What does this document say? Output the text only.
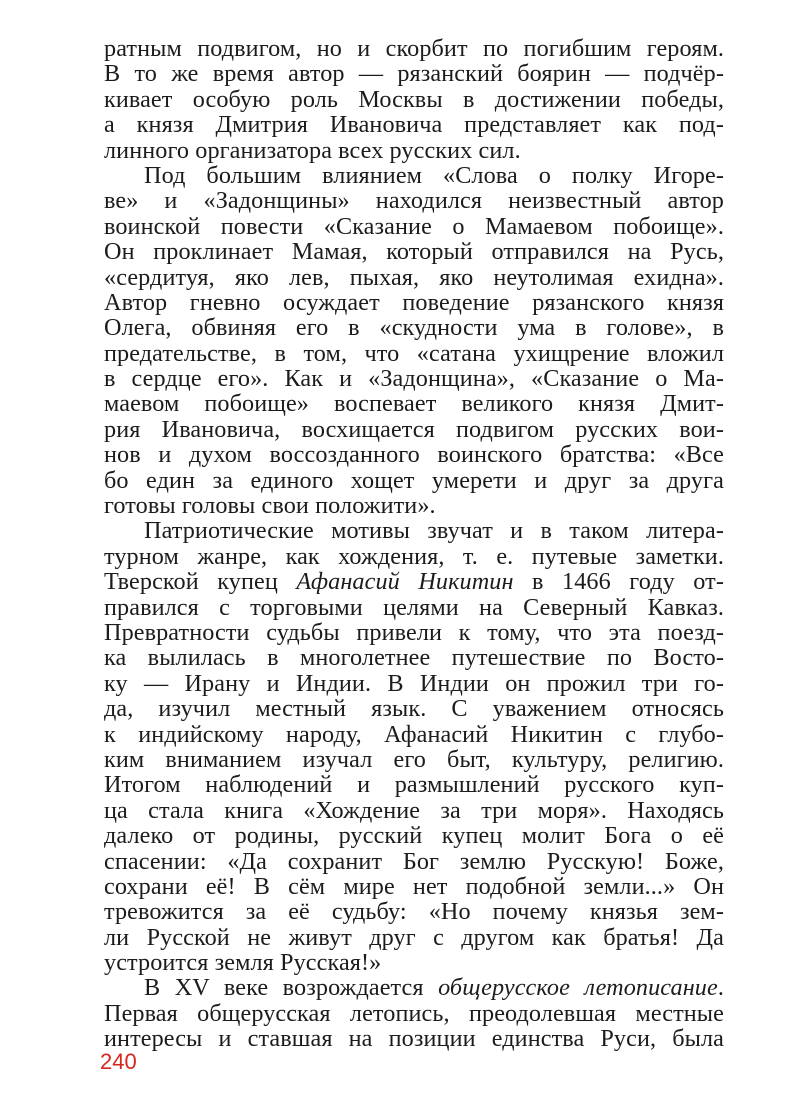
ратным подвигом, но и скорбит по погибшим героям.
В то же время автор — рязанский боярин — подчёр-
кивает особую роль Москвы в достижении победы,
а князя Дмитрия Ивановича представляет как под-
линного организатора всех русских сил.
Под большим влиянием «Слова о полку Игоре-
ве» и «Задонщины» находился неизвестный автор
воинской повести «Сказание о Мамаевом побоище».
Он проклинает Мамая, который отправился на Русь,
«сердитуя, яко лев, пыхая, яко неутолимая ехидна».
Автор гневно осуждает поведение рязанского князя
Олега, обвиняя его в «скудности ума в голове», в
предательстве, в том, что «сатана ухищрение вложил
в сердце его». Как и «Задонщина», «Сказание о Ма-
маевом побоище» воспевает великого князя Дмит-
рия Ивановича, восхищается подвигом русских вои-
нов и духом воссозданного воинского братства: «Все
бо един за единого хощет умерети и друг за друга
готовы головы свои положити».
Патриотические мотивы звучат и в таком литера-
турном жанре, как хождения, т. е. путевые заметки.
Тверской купец Афанасий Никитин в 1466 году от-
правился с торговыми целями на Северный Кавказ.
Превратности судьбы привели к тому, что эта поезд-
ка вылилась в многолетнее путешествие по Восто-
ку — Ирану и Индии. В Индии он прожил три го-
да, изучил местный язык. С уважением относясь
к индийскому народу, Афанасий Никитин с глубо-
ким вниманием изучал его быт, культуру, религию.
Итогом наблюдений и размышлений русского куп-
ца стала книга «Хождение за три моря». Находясь
далеко от родины, русский купец молит Бога о её
спасении: «Да сохранит Бог землю Русскую! Боже,
сохрани её! В сём мире нет подобной земли...» Он
тревожится за её судьбу: «Но почему князья зем-
ли Русской не живут друг с другом как братья! Да
устроится земля Русская!»
В XV веке возрождается общерусское летописание.
Первая общерусская летопись, преодолевшая местные
интересы и ставшая на позиции единства Руси, была
240
